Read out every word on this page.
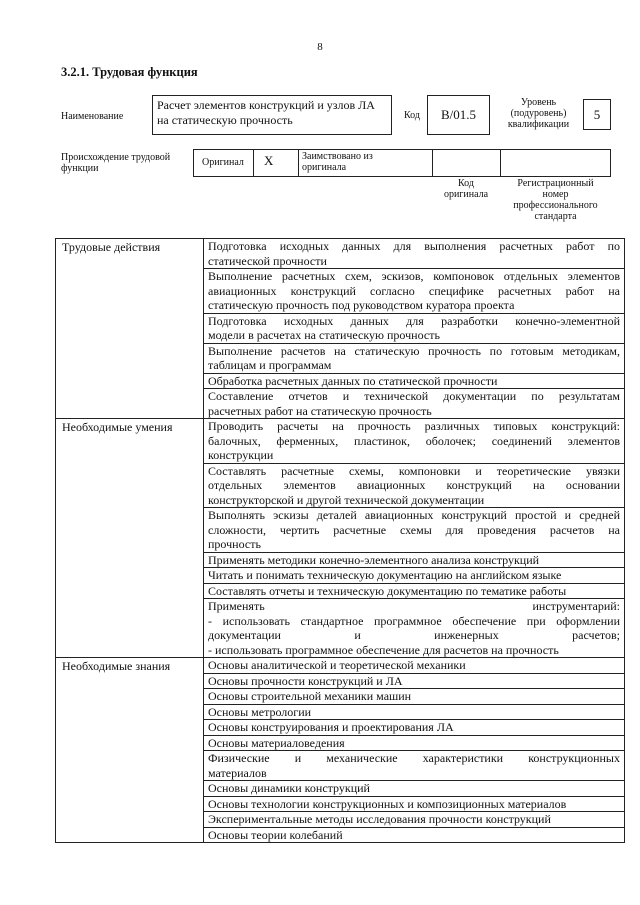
8
3.2.1. Трудовая функция
Наименование
Расчет элементов конструкций и узлов ЛА на статическую прочность	Код B/01.5
Уровень
(подуровень)
квалификации
5
Происхождение трудовой
функции
Оригинал X	Заимствовано из
оригинала
Код
оригинала
Регистрационный
номер
профессионального
стандарта
Трудовые действия	Подготовка исходных данных для выполнения расчетных работ по
статической прочности

	Выполнение расчетных схем, эскизов, компоновок отдельных элементов
авиационных конструкций согласно специфике расчетных работ на
статическую прочность под руководством куратора проекта

	Подготовка исходных данных для разработки конечно-элементной
модели в расчетах на статическую прочность

	Выполнение расчетов на статическую прочность по готовым методикам,
таблицам и программам

	Обработка расчетных данных по статической прочности

	Составление отчетов и технической документации по результатам
расчетных работ на статическую прочность

Необходимые умения	Проводить расчеты на прочность различных типовых конструкций:
балочных, ферменных, пластинок, оболочек; соединений элементов
конструкции

	Составлять расчетные схемы, компоновки и теоретические увязки
отдельных элементов авиационных конструкций на основании
конструкторской и другой технической документации

	Выполнять эскизы деталей авиационных конструкций простой и средней
сложности, чертить расчетные схемы для проведения расчетов на
прочность

	Применять методики конечно-элементного анализа конструкций

	Читать и понимать техническую документацию на английском языке

	Составлять отчеты и техническую документацию по тематике работы

	Применять инструментарий:
- использовать стандартное программное обеспечение при оформлении
документации и инженерных расчетов;
- использовать программное обеспечение для расчетов на прочность

Необходимые знания	Основы аналитической и теоретической механики

	Основы прочности конструкций и ЛА

	Основы строительной механики машин

	Основы метрологии

	Основы конструирования и проектирования ЛА

	Основы материаловедения

	Физические и механические характеристики конструкционных
материалов

	Основы динамики конструкций

	Основы технологии конструкционных и композиционных материалов

	Экспериментальные методы исследования прочности конструкций

	Основы теории колебаний
